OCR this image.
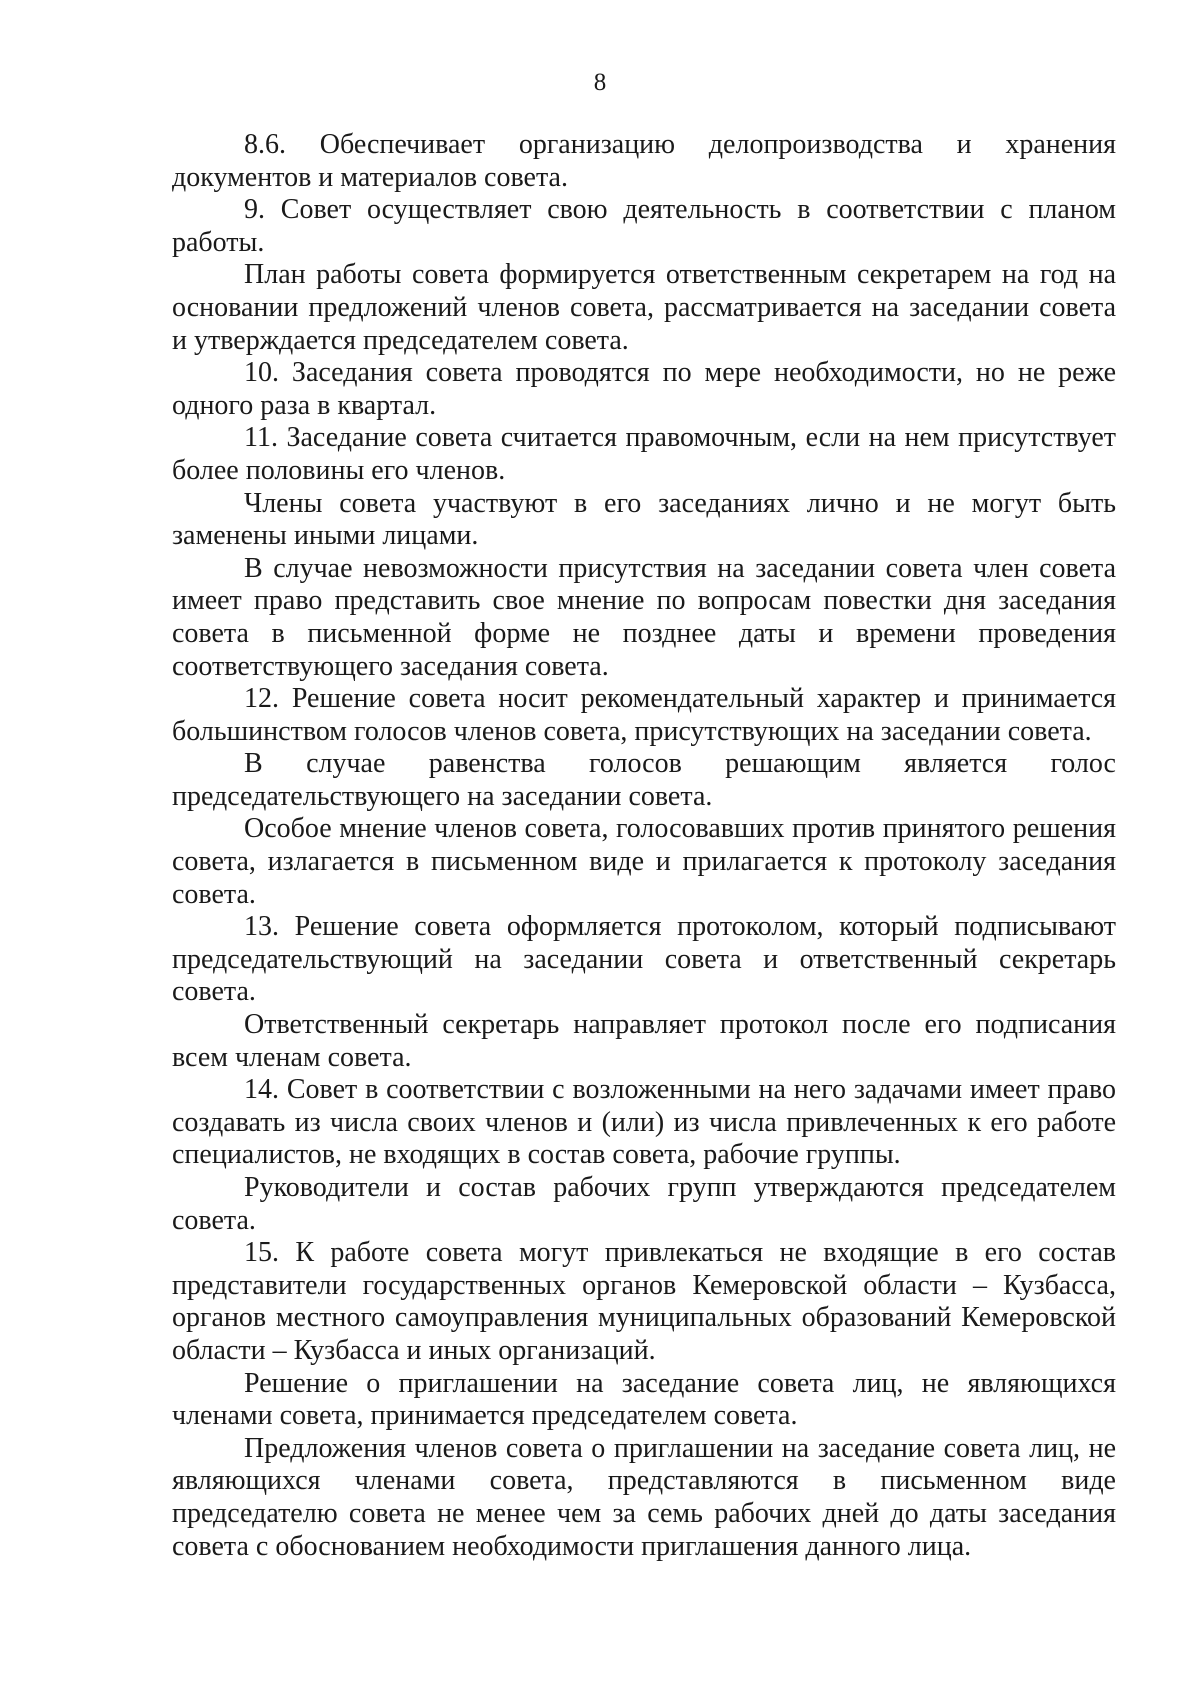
8

8.6. Обеспечивает организацию делопроизводства и хранения документов и материалов совета.

9. Совет осуществляет свою деятельность в соответствии с планом работы.

План работы совета формируется ответственным секретарем на год на основании предложений членов совета, рассматривается на заседании совета и утверждается председателем совета.

10. Заседания совета проводятся по мере необходимости, но не реже одного раза в квартал.

11. Заседание совета считается правомочным, если на нем присутствует более половины его членов.

Члены совета участвуют в его заседаниях лично и не могут быть заменены иными лицами.

В случае невозможности присутствия на заседании совета член совета имеет право представить свое мнение по вопросам повестки дня заседания совета в письменной форме не позднее даты и времени проведения соответствующего заседания совета.

12. Решение совета носит рекомендательный характер и принимается большинством голосов членов совета, присутствующих на заседании совета.

В случае равенства голосов решающим является голос председательствующего на заседании совета.

Особое мнение членов совета, голосовавших против принятого решения совета, излагается в письменном виде и прилагается к протоколу заседания совета.

13. Решение совета оформляется протоколом, который подписывают председательствующий на заседании совета и ответственный секретарь совета.

Ответственный секретарь направляет протокол после его подписания всем членам совета.

14. Совет в соответствии с возложенными на него задачами имеет право создавать из числа своих членов и (или) из числа привлеченных к его работе специалистов, не входящих в состав совета, рабочие группы.

Руководители и состав рабочих групп утверждаются председателем совета.

15. К работе совета могут привлекаться не входящие в его состав представители государственных органов Кемеровской области – Кузбасса, органов местного самоуправления муниципальных образований Кемеровской области – Кузбасса и иных организаций.

Решение о приглашении на заседание совета лиц, не являющихся членами совета, принимается председателем совета.

Предложения членов совета о приглашении на заседание совета лиц, не являющихся членами совета, представляются в письменном виде председателю совета не менее чем за семь рабочих дней до даты заседания совета с обоснованием необходимости приглашения данного лица.
